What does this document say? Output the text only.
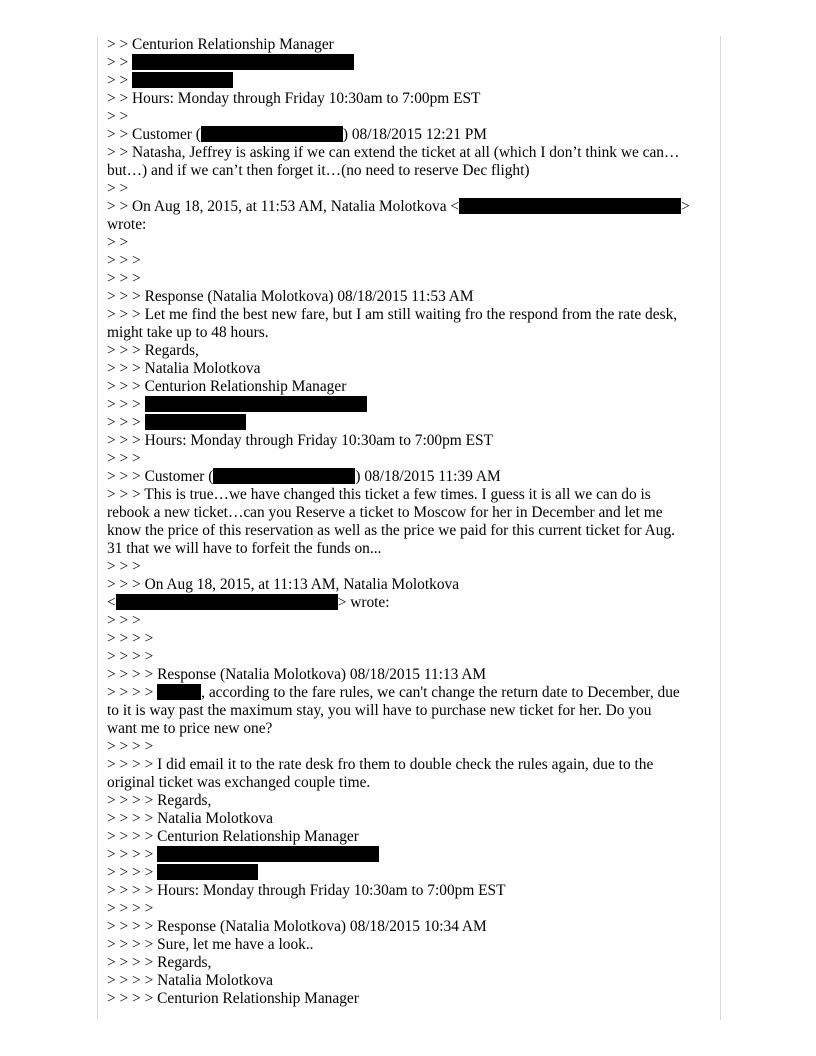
> > Centurion Relationship Manager
> >
> >
> > Hours: Monday through Friday 10:30am to 7:00pm EST
> >
> > Customer (	) 08/18/2015 12:21 PM
> > Natasha, Jeffrey is asking if we can extend the ticket at all (which I don’t think we can…
but…) and if we can’t then forget it…(no need to reserve Dec flight)
> >
> > On Aug 18, 2015, at 11:53 AM, Natalia Molotkova <	>
wrote:
> >
> > >
> > >
> > > Response (Natalia Molotkova) 08/18/2015 11:53 AM
> > > Let me find the best new fare, but I am still waiting fro the respond from the rate desk,
might take up to 48 hours.
> > > Regards,
> > > Natalia Molotkova
> > > Centurion Relationship Manager
> > >
> > >
> > > Hours: Monday through Friday 10:30am to 7:00pm EST
> > >
> > > Customer (	) 08/18/2015 11:39 AM
> > > This is true…we have changed this ticket a few times. I guess it is all we can do is
rebook a new ticket…can you Reserve a ticket to Moscow for her in December and let me
know the price of this reservation as well as the price we paid for this current ticket for Aug.
31 that we will have to forfeit the funds on...
> > >
> > > On Aug 18, 2015, at 11:13 AM, Natalia Molotkova
<	> wrote:
> > >
> > > >
> > > >
> > > > Response (Natalia Molotkova) 08/18/2015 11:13 AM
> > > >	, according to the fare rules, we can't change the return date to December, due
to it is way past the maximum stay, you will have to purchase new ticket for her. Do you
want me to price new one?
> > > >
> > > > I did email it to the rate desk fro them to double check the rules again, due to the
original ticket was exchanged couple time.
> > > > Regards,
> > > > Natalia Molotkova
> > > > Centurion Relationship Manager
> > > >
> > > >
> > > > Hours: Monday through Friday 10:30am to 7:00pm EST
> > > >
> > > > Response (Natalia Molotkova) 08/18/2015 10:34 AM
> > > > Sure, let me have a look..
> > > > Regards,
> > > > Natalia Molotkova
> > > > Centurion Relationship Manager
